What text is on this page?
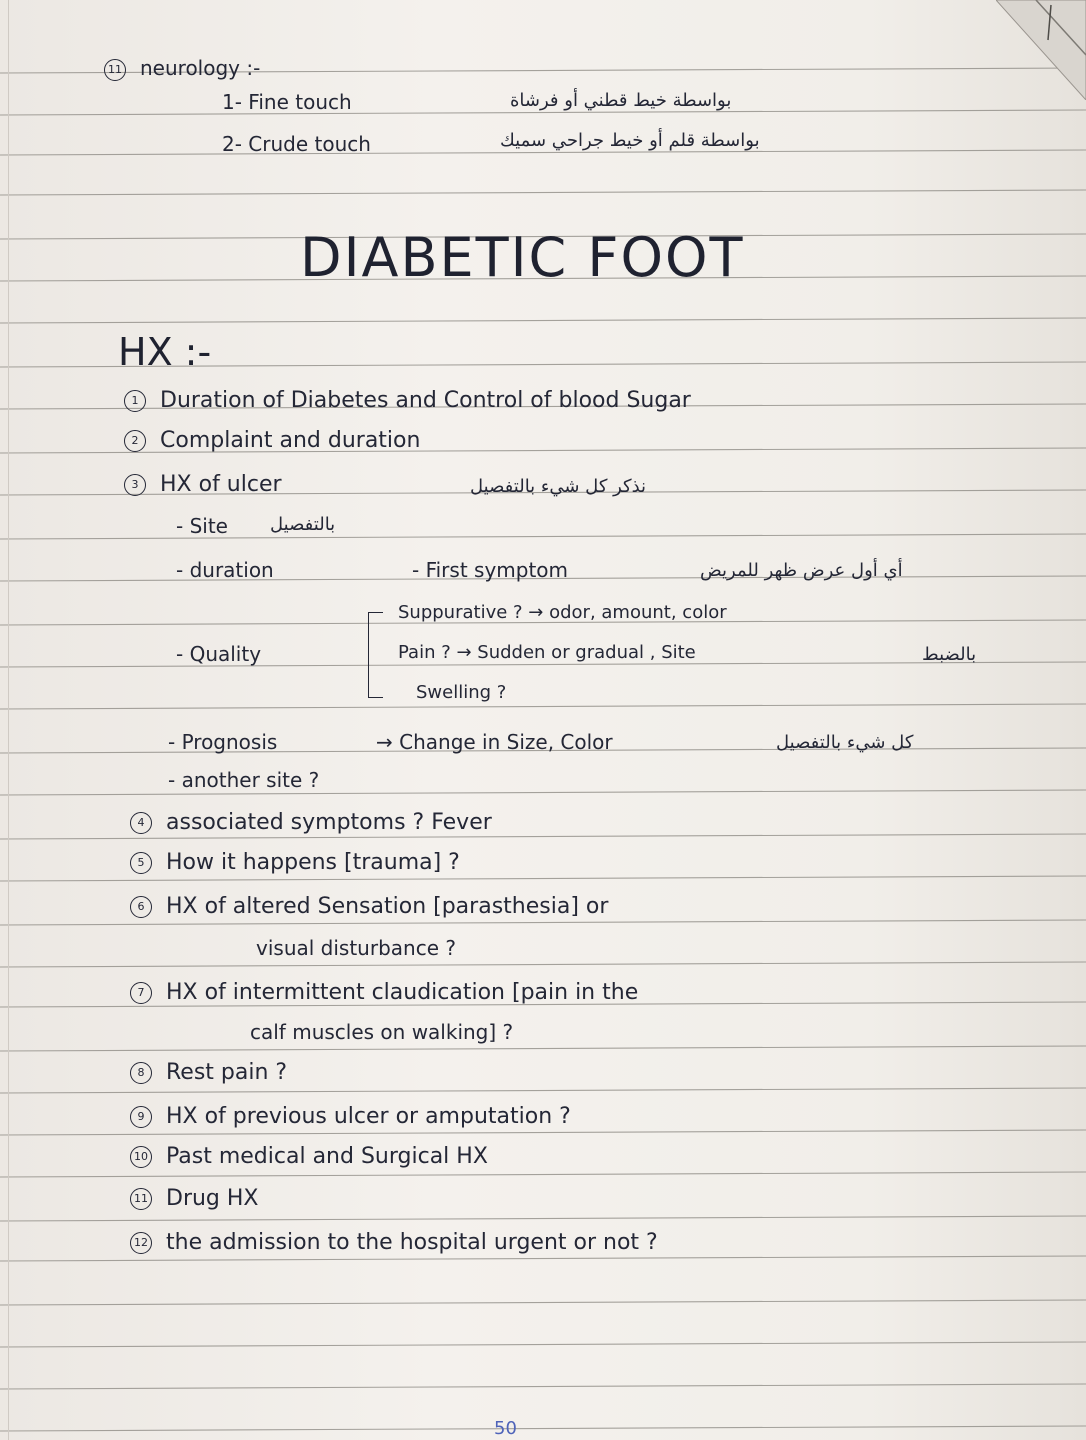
11 neurology :-
1- Fine touch	بواسطة خيط قطني أو فرشاة
2- Crude touch	بواسطة قلم أو خيط جراحي سميك
DIABETIC FOOT
HX :-
1 Duration of Diabetes and Control of blood Sugar
2 Complaint and duration
3 HX of ulcer	نذكر كل شيء بالتفصيل
- Site بالتفصيل
- duration	- First symptom	أي أول عرض ظهر للمريض
- Quality
Suppurative ? → odor, amount, color
Pain ? → Sudden or gradual , Site	بالضبط
Swelling ?
- Prognosis	→ Change in Size, Color	كل شيء بالتفصيل
- another site ?
4 associated symptoms ? Fever
5 How it happens [trauma] ?
6 HX of altered Sensation [parasthesia] or
visual disturbance ?
7 HX of intermittent claudication [pain in the
calf muscles on walking] ?
8 Rest pain ?
9 HX of previous ulcer or amputation ?
10 Past medical and Surgical HX
11 Drug HX
12 the admission to the hospital urgent or not ?
50
